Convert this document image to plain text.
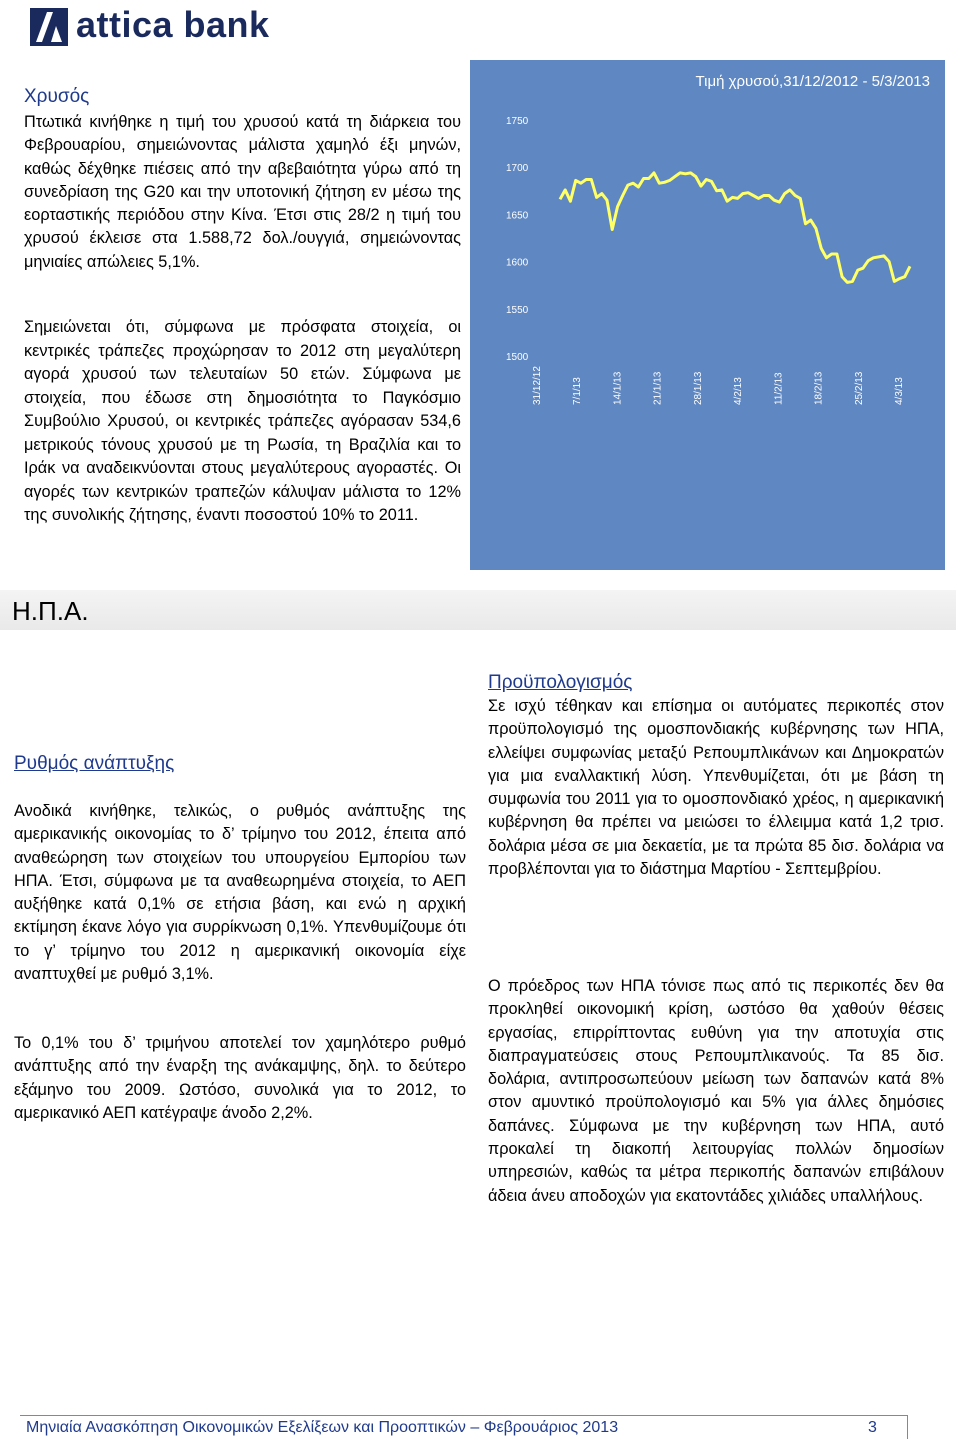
attica bank
Χρυσός

Πτωτικά κινήθηκε η τιμή του χρυσού κατά τη διάρκεια του Φεβρουαρίου, σημειώνοντας μάλιστα χαμηλό έξι μηνών, καθώς δέχθηκε πιέσεις από την αβεβαιότητα γύρω από τη συνεδρίαση της G20 και την υποτονική ζήτηση εν μέσω της εορταστικής περιόδου στην Κίνα. Έτσι στις 28/2 η τιμή του χρυσού έκλεισε στα 1.588,72 δολ./ουγγιά, σημειώνοντας μηνιαίες απώλειες 5,1%.

Σημειώνεται ότι, σύμφωνα με πρόσφατα στοιχεία, οι κεντρικές τράπεζες προχώρησαν το 2012 στη μεγαλύτερη αγορά χρυσού των τελευταίων 50 ετών. Σύμφωνα με στοιχεία, που έδωσε στη δημοσιότητα το Παγκόσμιο Συμβούλιο Χρυσού, οι κεντρικές τράπεζες αγόρασαν 534,6 μετρικούς τόνους χρυσού με τη Ρωσία, τη Βραζιλία και το Ιράκ να αναδεικνύονται στους μεγαλύτερους αγοραστές. Οι αγορές των κεντρικών τραπεζών κάλυψαν μάλιστα το 12% της συνολικής ζήτησης, έναντι ποσοστού 10% το 2011.

Τιμή χρυσού,31/12/2012 - 5/3/2013
1500
1550
1600
1650
1700
1750
31/12/12	7/1/13	14/1/13	21/1/13	28/1/13	4/2/13	11/2/13	18/2/13	25/2/13	4/3/13
Η.Π.Α.
Ρυθμός ανάπτυξης

Ανοδικά κινήθηκε, τελικώς, ο ρυθμός ανάπτυξης της αμερικανικής οικονομίας το δ’ τρίμηνο του 2012, έπειτα από αναθεώρηση των στοιχείων του υπουργείου Εμπορίου των ΗΠΑ. Έτσι, σύμφωνα με τα αναθεωρημένα στοιχεία, το ΑΕΠ αυξήθηκε κατά 0,1% σε ετήσια βάση, και ενώ η αρχική εκτίμηση έκανε λόγο για συρρίκνωση 0,1%. Υπενθυμίζουμε ότι το γ’ τρίμηνο του 2012 η αμερικανική οικονομία είχε αναπτυχθεί με ρυθμό 3,1%.

Το 0,1% του δ’ τριμήνου αποτελεί τον χαμηλότερο ρυθμό ανάπτυξης από την έναρξη της ανάκαμψης, δηλ. το δεύτερο εξάμηνο του 2009. Ωστόσο, συνολικά για το 2012, το αμερικανικό ΑΕΠ κατέγραψε άνοδο 2,2%.

Προϋπολογισμός

Σε ισχύ τέθηκαν και επίσημα οι αυτόματες περικοπές στον προϋπολογισμό της ομοσπονδιακής κυβέρνησης των ΗΠΑ, ελλείψει συμφωνίας μεταξύ Ρεπουμπλικάνων και Δημοκρατών για μια εναλλακτική λύση. Υπενθυμίζεται, ότι με βάση τη συμφωνία του 2011 για το ομοσπονδιακό χρέος, η αμερικανική κυβέρνηση θα πρέπει να μειώσει το έλλειμμα κατά 1,2 τρισ. δολάρια μέσα σε μια δεκαετία, με τα πρώτα 85 δισ. δολάρια να προβλέπονται για το διάστημα Μαρτίου - Σεπτεμβρίου.

Ο πρόεδρος των ΗΠΑ τόνισε πως από τις περικοπές δεν θα προκληθεί οικονομική κρίση, ωστόσο θα χαθούν θέσεις εργασίας, επιρρίπτοντας ευθύνη για την αποτυχία στις διαπραγματεύσεις στους Ρεπουμπλικανούς. Τα 85 δισ. δολάρια, αντιπροσωπεύουν μείωση των δαπανών κατά 8% στον αμυντικό προϋπολογισμό και 5% για άλλες δημόσιες δαπάνες. Σύμφωνα με την κυβέρνηση των ΗΠΑ, αυτό προκαλεί τη διακοπή λειτουργίας πολλών δημοσίων υπηρεσιών, καθώς τα μέτρα περικοπής δαπανών επιβάλουν άδεια άνευ αποδοχών για εκατοντάδες χιλιάδες υπαλλήλους.

Μηνιαία Ανασκόπηση Οικονομικών Εξελίξεων και Προοπτικών – Φεβρουάριος 2013	3
